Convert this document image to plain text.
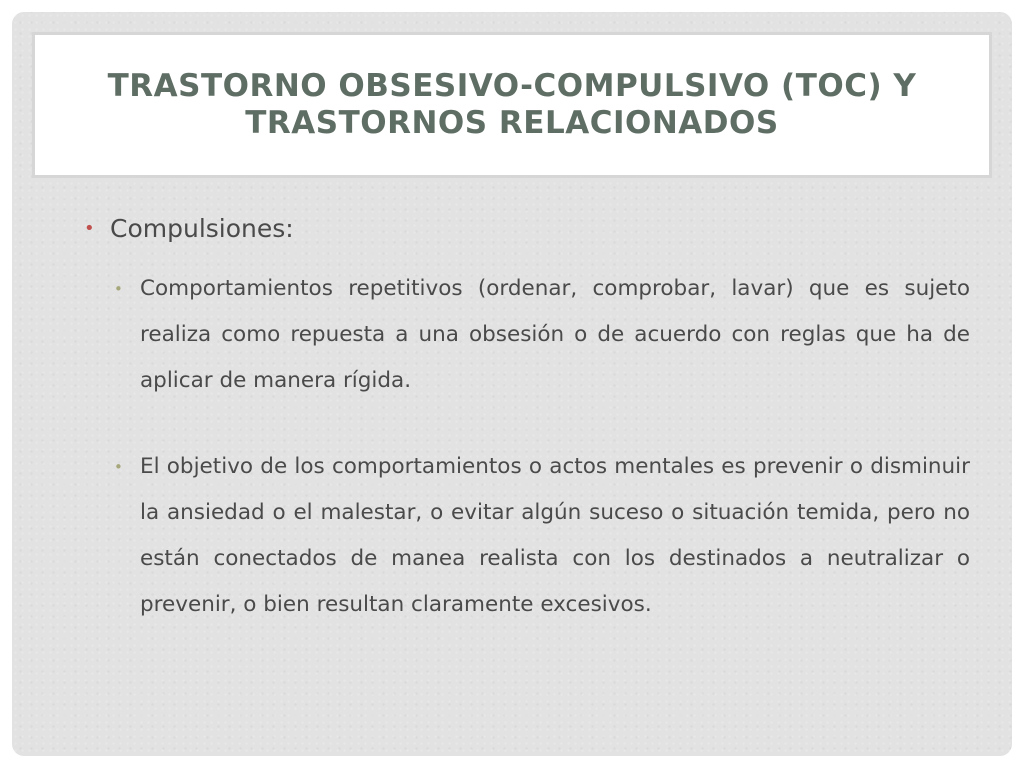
TRASTORNO OBSESIVO-COMPULSIVO (TOC) Y
TRASTORNOS RELACIONADOS

• Compulsiones:

• Comportamientos repetitivos (ordenar, comprobar, lavar) que es sujeto realiza como repuesta a una obsesión o de acuerdo con reglas que ha de aplicar de manera rígida.

• El objetivo de los comportamientos o actos mentales es prevenir o disminuir la ansiedad o el malestar, o evitar algún suceso o situación temida, pero no están conectados de manea realista con los destinados a neutralizar o prevenir, o bien resultan claramente excesivos.
